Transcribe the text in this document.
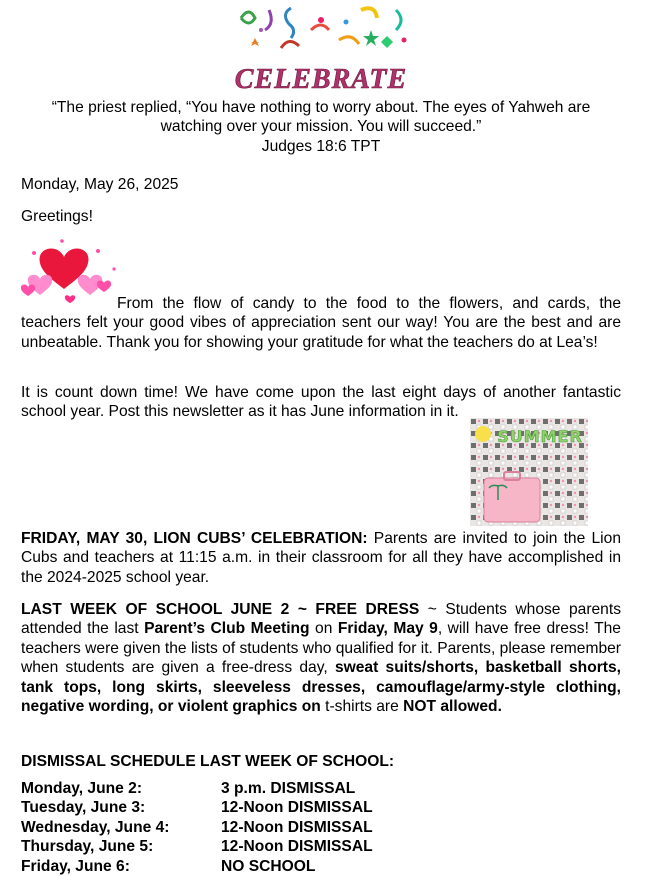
CELEBRATE
“The priest replied, “You have nothing to worry about. The eyes of Yahweh are
watching over your mission. You will succeed.”
Judges 18:6 TPT
Monday, May 26, 2025
Greetings!
From the flow of candy to the food to the flowers, and cards, the teachers felt your good vibes of appreciation sent our way! You are the best and are unbeatable. Thank you for showing your gratitude for what the teachers do at Lea’s!
It is count down time! We have come upon the last eight days of another fantastic school year. Post this newsletter as it has June information in it.
SUMMER
FRIDAY, MAY 30, LION CUBS’ CELEBRATION: Parents are invited to join the Lion Cubs and teachers at 11:15 a.m. in their classroom for all they have accomplished in the 2024-2025 school year.
LAST WEEK OF SCHOOL JUNE 2 ~ FREE DRESS ~ Students whose parents attended the last Parent’s Club Meeting on Friday, May 9, will have free dress! The teachers were given the lists of students who qualified for it. Parents, please remember when students are given a free-dress day, sweat suits/shorts, basketball shorts, tank tops, long skirts, sleeveless dresses, camouflage/army-style clothing, negative wording, or violent graphics on t-shirts are NOT allowed.
DISMISSAL SCHEDULE LAST WEEK OF SCHOOL:
Monday, June 2:	3 p.m. DISMISSAL
Tuesday, June 3:	12-Noon DISMISSAL
Wednesday, June 4:	12-Noon DISMISSAL
Thursday, June 5:	12-Noon DISMISSAL
Friday, June 6:	NO SCHOOL
